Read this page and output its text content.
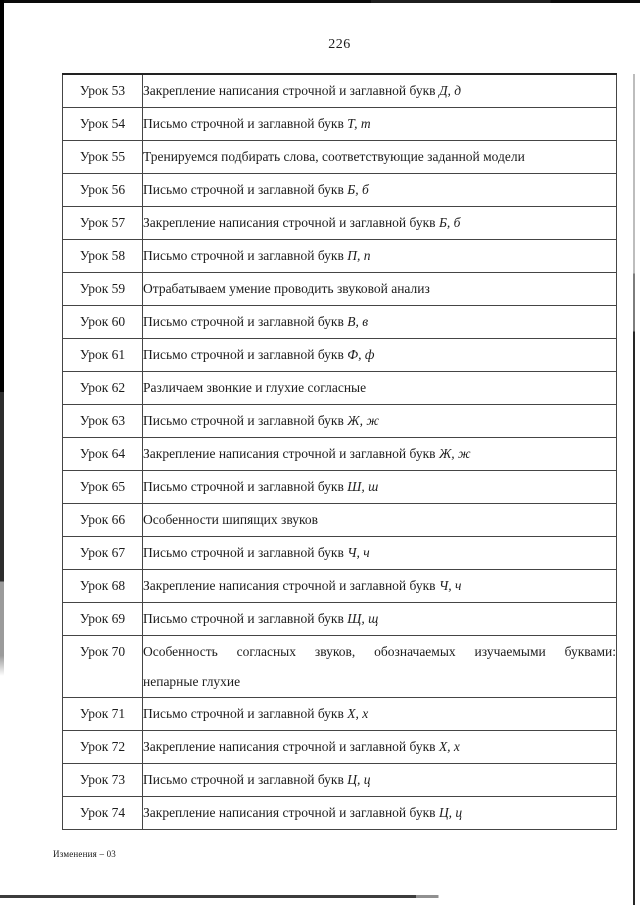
226
Урок 53	Закрепление написания строчной и заглавной букв Д, д

Урок 54	Письмо строчной и заглавной букв Т, т

Урок 55	Тренируемся подбирать слова, соответствующие заданной модели

Урок 56	Письмо строчной и заглавной букв Б, б

Урок 57	Закрепление написания строчной и заглавной букв Б, б

Урок 58	Письмо строчной и заглавной букв П, п

Урок 59	Отрабатываем умение проводить звуковой анализ

Урок 60	Письмо строчной и заглавной букв В, в

Урок 61	Письмо строчной и заглавной букв Ф, ф

Урок 62	Различаем звонкие и глухие согласные

Урок 63	Письмо строчной и заглавной букв Ж, ж

Урок 64	Закрепление написания строчной и заглавной букв Ж, ж

Урок 65	Письмо строчной и заглавной букв Ш, ш

Урок 66	Особенности шипящих звуков

Урок 67	Письмо строчной и заглавной букв Ч, ч

Урок 68	Закрепление написания строчной и заглавной букв Ч, ч

Урок 69	Письмо строчной и заглавной букв Щ, щ

Урок 70	Особенность согласных звуков, обозначаемых изучаемыми буквами:
непарные глухие

Урок 71	Письмо строчной и заглавной букв Х, х

Урок 72	Закрепление написания строчной и заглавной букв Х, х

Урок 73	Письмо строчной и заглавной букв Ц, ц

Урок 74	Закрепление написания строчной и заглавной букв Ц, ц
Изменения – 03
